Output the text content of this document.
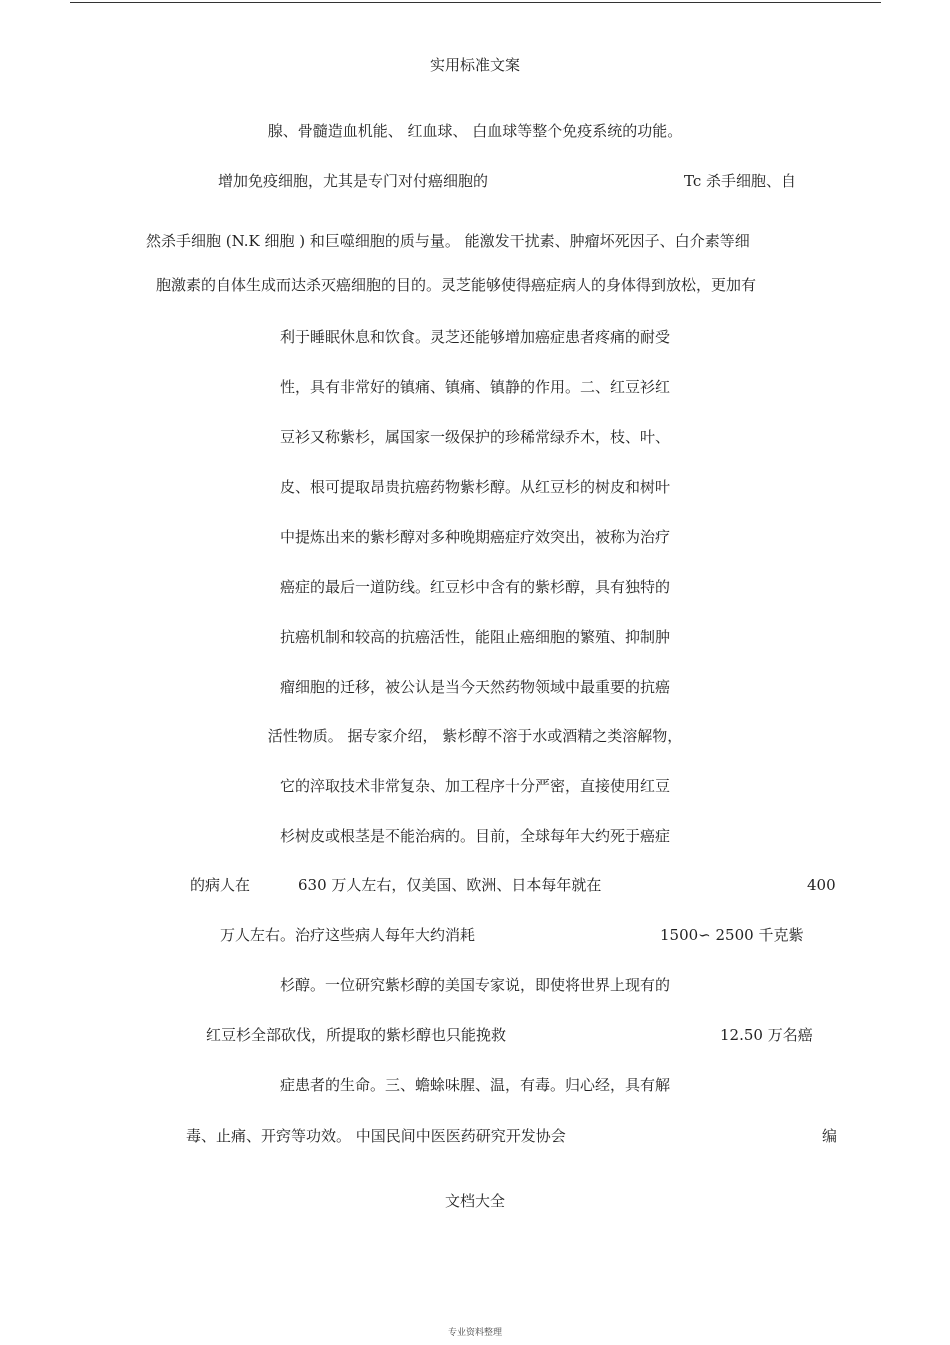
实用标准文案
腺、骨髓造血机能、 红血球、 白血球等整个免疫系统的功能。
增加免疫细胞，尤其是专门对付癌细胞的	Tc 杀手细胞、自
然杀手细胞 (N.K 细胞 ) 和巨噬细胞的质与量。 能激发干扰素、肿瘤坏死因子、白介素等细
胞激素的自体生成而达杀灭癌细胞的目的。灵芝能够使得癌症病人的身体得到放松，更加有
利于睡眠休息和饮食。灵芝还能够增加癌症患者疼痛的耐受
性，具有非常好的镇痛、镇痛、镇静的作用。二、红豆衫红
豆衫又称紫杉，属国家一级保护的珍稀常绿乔木，枝、叶、
皮、根可提取昂贵抗癌药物紫杉醇。从红豆杉的树皮和树叶
中提炼出来的紫杉醇对多种晚期癌症疗效突出，被称为治疗
癌症的最后一道防线。红豆杉中含有的紫杉醇，具有独特的
抗癌机制和较高的抗癌活性，能阻止癌细胞的繁殖、抑制肿
瘤细胞的迁移，被公认是当今天然药物领域中最重要的抗癌
活性物质。 据专家介绍， 紫杉醇不溶于水或酒精之类溶解物，
它的淬取技术非常复杂、加工程序十分严密，直接使用红豆
杉树皮或根茎是不能治病的。目前，全球每年大约死于癌症
的病人在	630 万人左右，仅美国、欧洲、日本每年就在	400
万人左右。治疗这些病人每年大约消耗	1500∽ 2500 千克紫
杉醇。一位研究紫杉醇的美国专家说，即使将世界上现有的
红豆杉全部砍伐，所提取的紫杉醇也只能挽救	12.50 万名癌
症患者的生命。三、蟾蜍味腥、温，有毒。归心经，具有解
毒、止痛、开窍等功效。 中国民间中医医药研究开发协会	编
文档大全
专业资料整理
